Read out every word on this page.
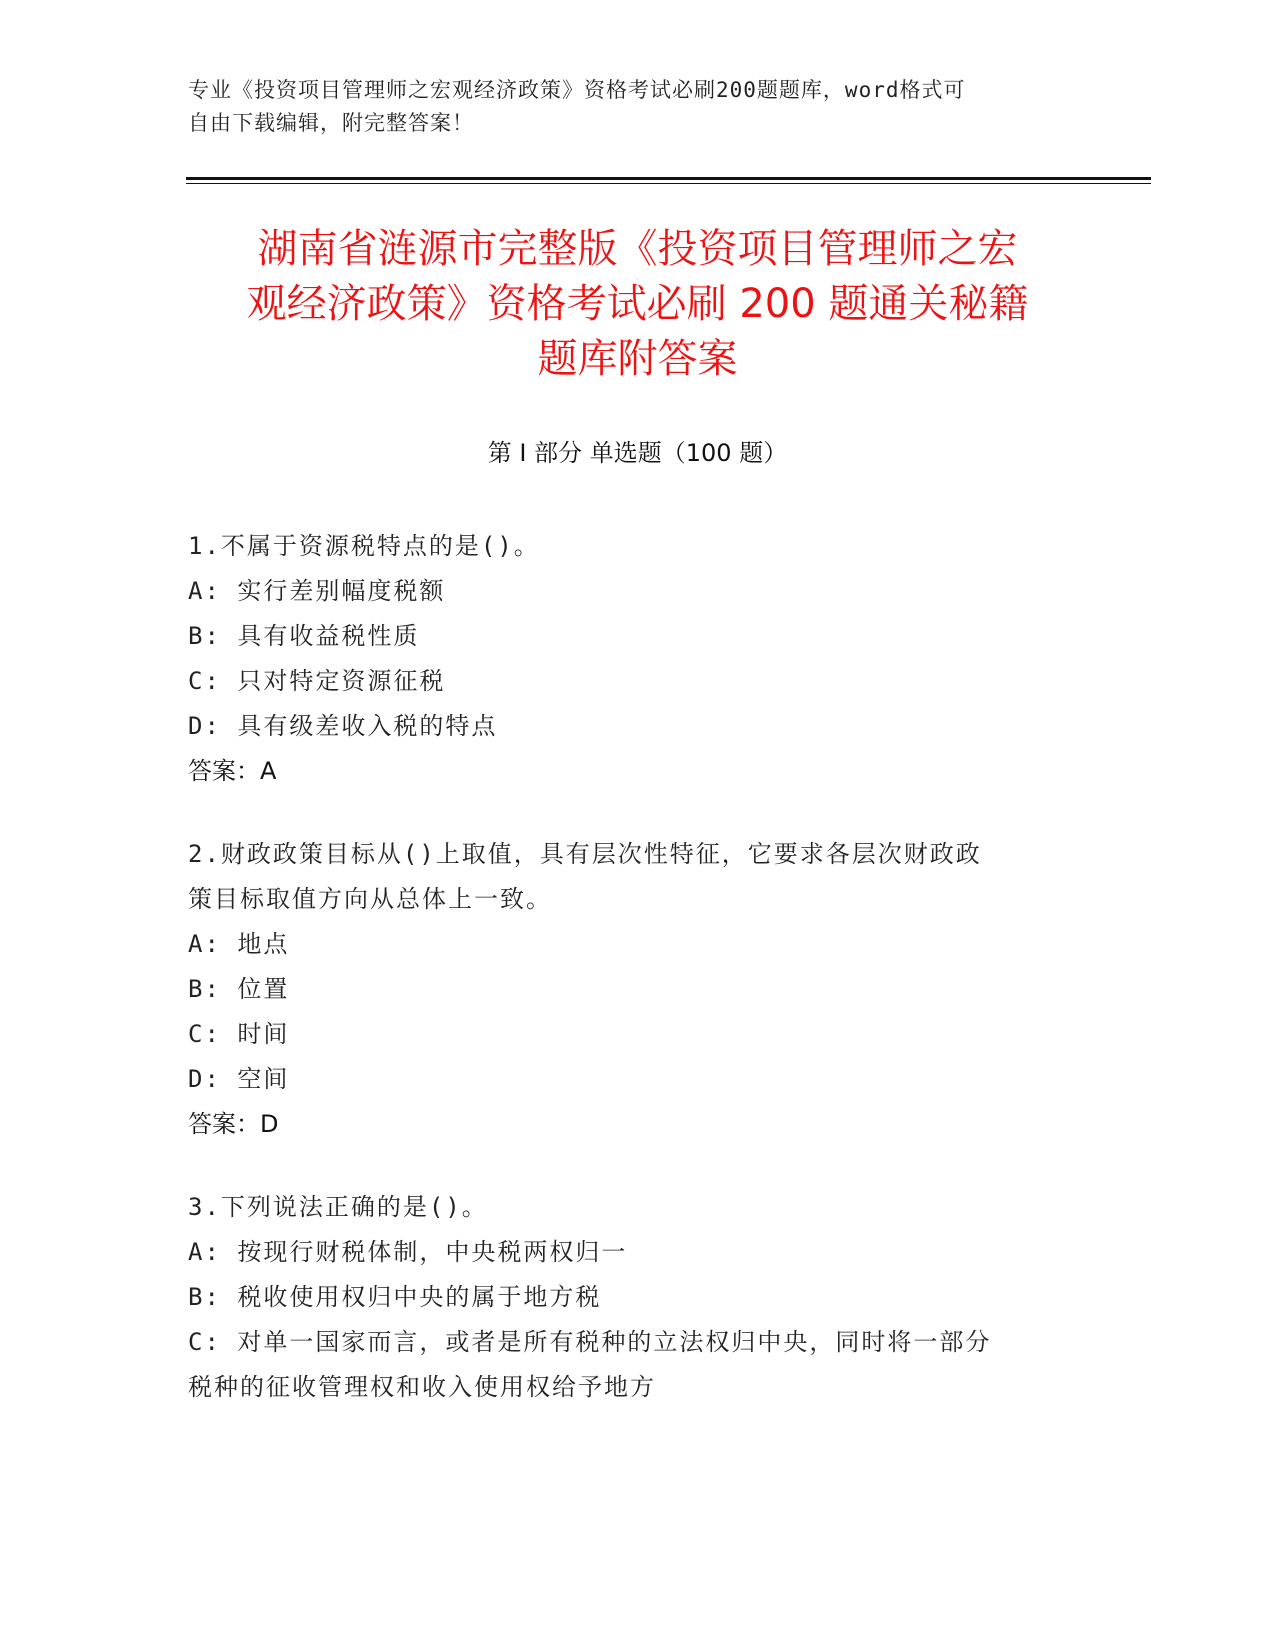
专业《投资项目管理师之宏观经济政策》资格考试必刷200题题库，word格式可
自由下载编辑，附完整答案！
湖南省涟源市完整版《投资项目管理师之宏
观经济政策》资格考试必刷 200 题通关秘籍
题库附答案
第 I 部分 单选题（100 题）
1.不属于资源税特点的是()。
A: 实行差别幅度税额
B: 具有收益税性质
C: 只对特定资源征税
D: 具有级差收入税的特点
答案：A
2.财政政策目标从()上取值，具有层次性特征，它要求各层次财政政
策目标取值方向从总体上一致。
A: 地点
B: 位置
C: 时间
D: 空间
答案：D
3.下列说法正确的是()。
A: 按现行财税体制，中央税两权归一
B: 税收使用权归中央的属于地方税
C: 对单一国家而言，或者是所有税种的立法权归中央，同时将一部分
税种的征收管理权和收入使用权给予地方
